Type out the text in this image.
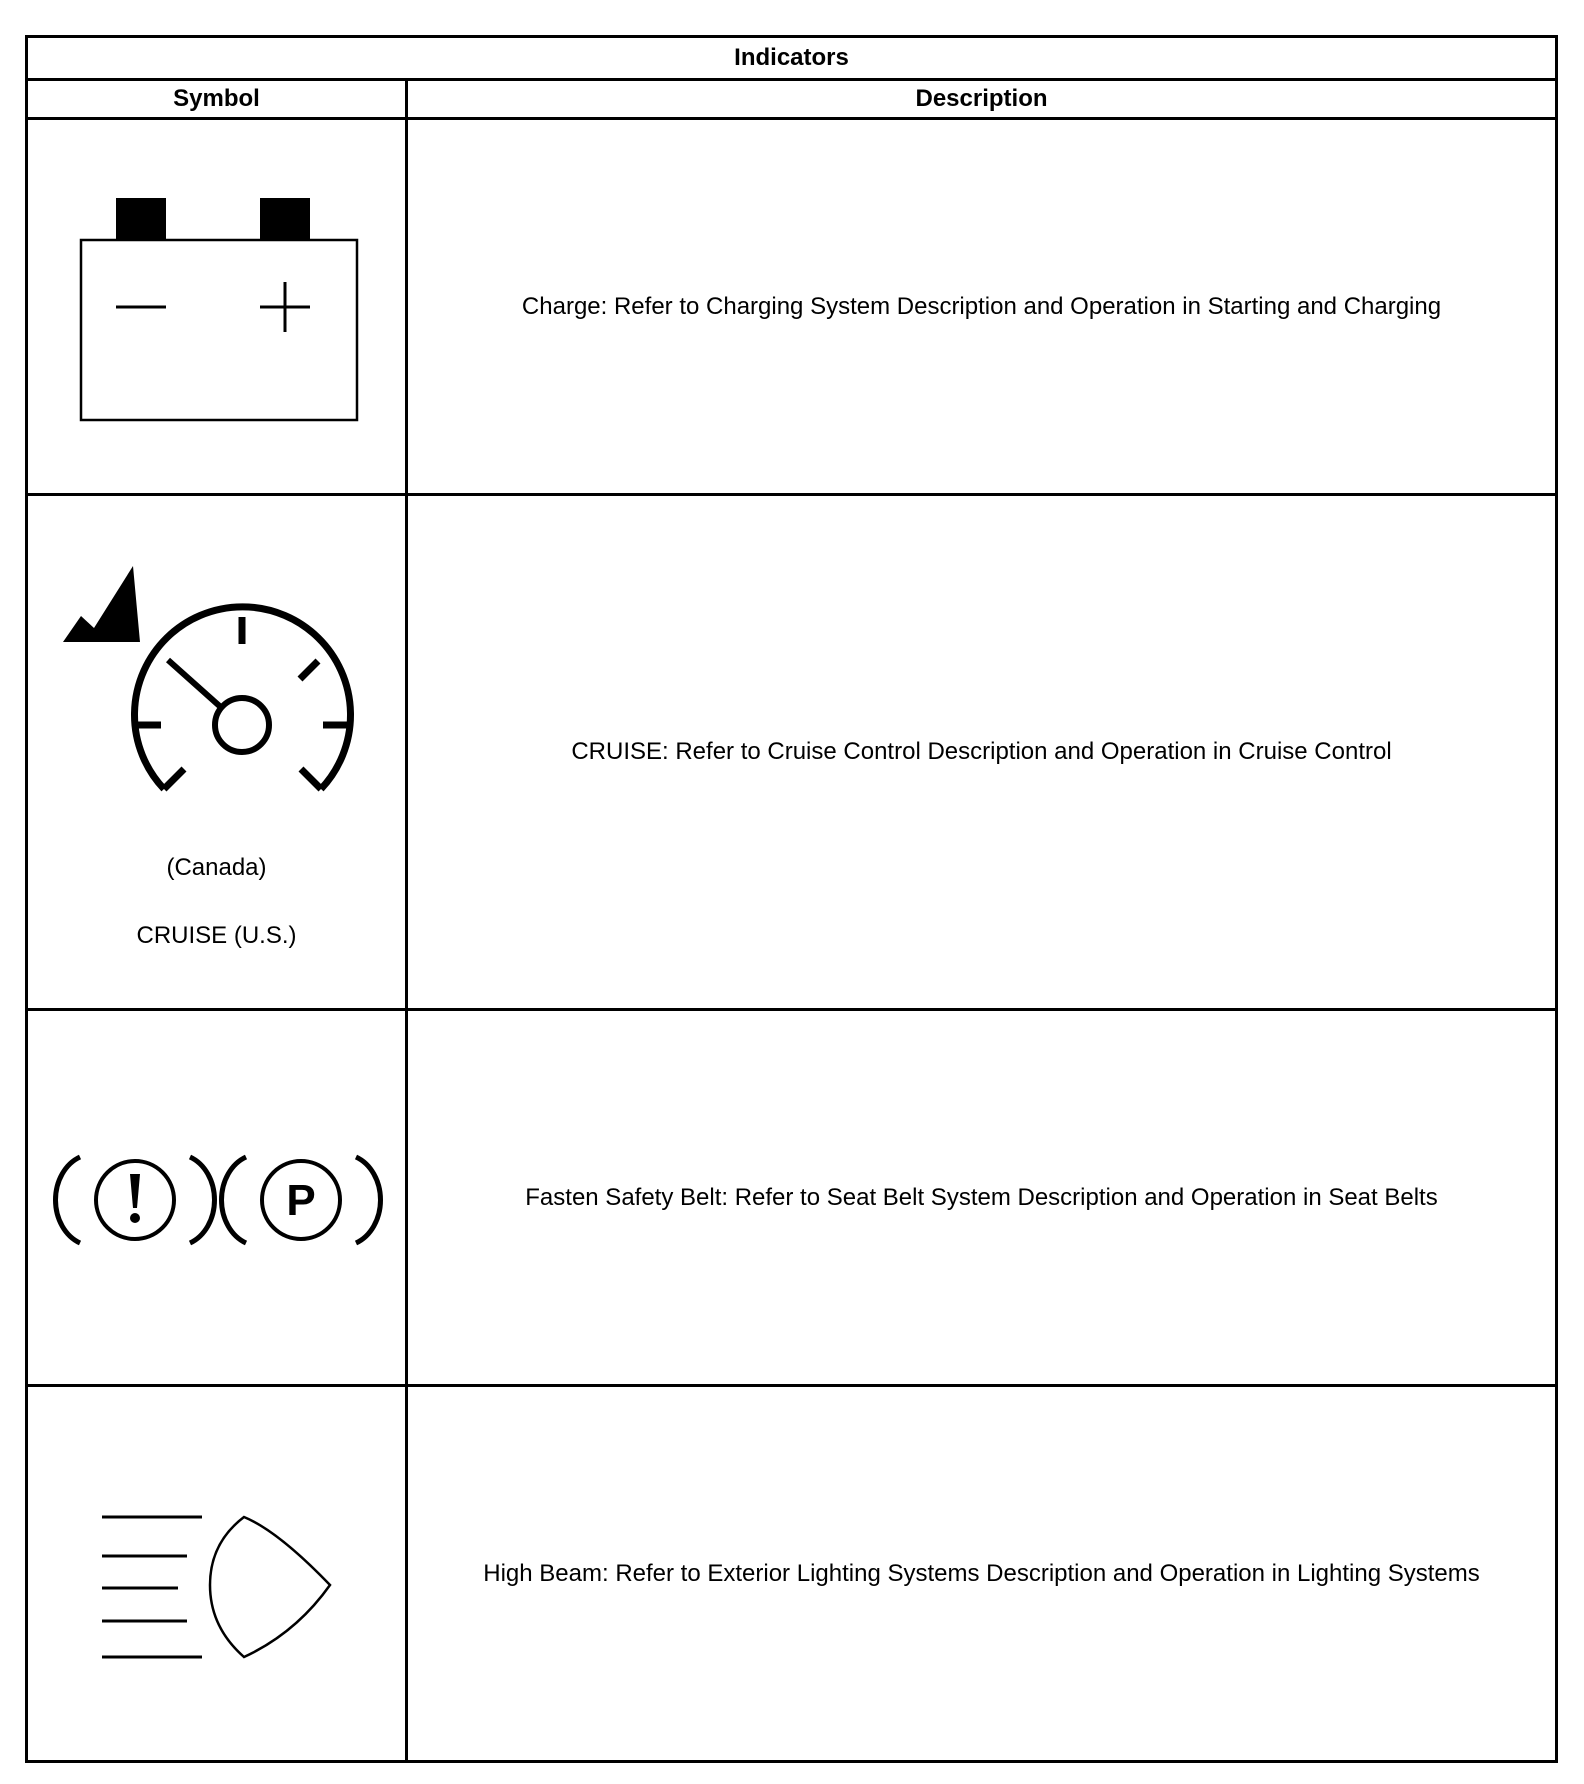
Indicators	
Symbol	Description

	Charge: Refer to Charging System Description and Operation in Starting and Charging

(Canada)
CRUISE (U.S.)	CRUISE: Refer to Cruise Control Description and Operation in Cruise Control

P	Fasten Safety Belt: Refer to Seat Belt System Description and Operation in Seat Belts

	High Beam: Refer to Exterior Lighting Systems Description and Operation in Lighting Systems
